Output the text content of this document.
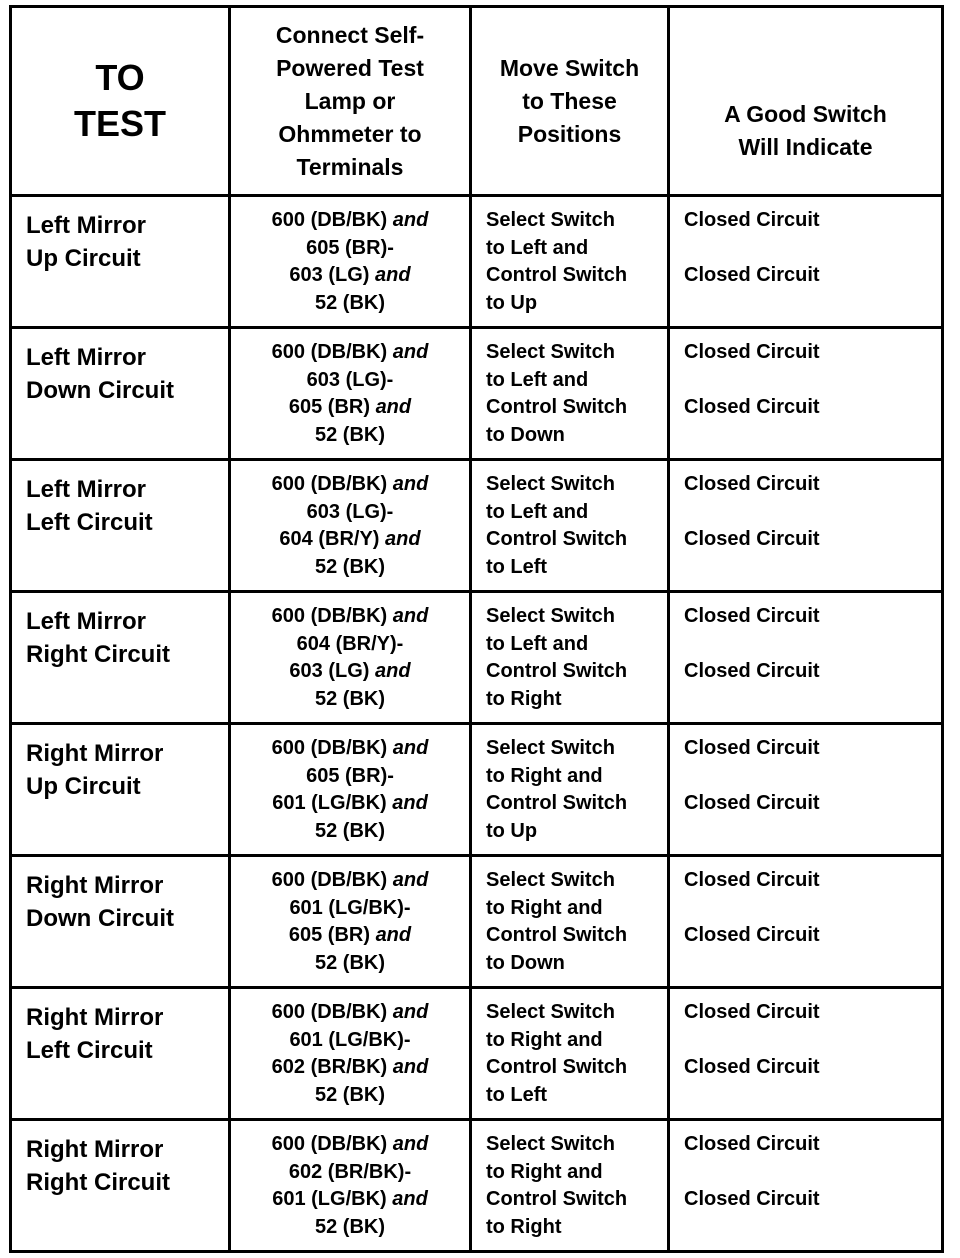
TO
TEST	Connect Self-
Powered Test
Lamp or
Ohmmeter to
Terminals	Move Switch
to These
Positions	A Good Switch
Will Indicate

Left Mirror
Up Circuit	600 (DB/BK) and
605 (BR)-
603 (LG) and
52 (BK)	Select Switch
to Left and
Control Switch
to Up	Closed Circuit
Closed Circuit

Left Mirror
Down Circuit	600 (DB/BK) and
603 (LG)-
605 (BR) and
52 (BK)	Select Switch
to Left and
Control Switch
to Down	Closed Circuit
Closed Circuit

Left Mirror
Left Circuit	600 (DB/BK) and
603 (LG)-
604 (BR/Y) and
52 (BK)	Select Switch
to Left and
Control Switch
to Left	Closed Circuit
Closed Circuit

Left Mirror
Right Circuit	600 (DB/BK) and
604 (BR/Y)-
603 (LG) and
52 (BK)	Select Switch
to Left and
Control Switch
to Right	Closed Circuit
Closed Circuit

Right Mirror
Up Circuit	600 (DB/BK) and
605 (BR)-
601 (LG/BK) and
52 (BK)	Select Switch
to Right and
Control Switch
to Up	Closed Circuit
Closed Circuit

Right Mirror
Down Circuit	600 (DB/BK) and
601 (LG/BK)-
605 (BR) and
52 (BK)	Select Switch
to Right and
Control Switch
to Down	Closed Circuit
Closed Circuit

Right Mirror
Left Circuit	600 (DB/BK) and
601 (LG/BK)-
602 (BR/BK) and
52 (BK)	Select Switch
to Right and
Control Switch
to Left	Closed Circuit
Closed Circuit

Right Mirror
Right Circuit	600 (DB/BK) and
602 (BR/BK)-
601 (LG/BK) and
52 (BK)	Select Switch
to Right and
Control Switch
to Right	Closed Circuit
Closed Circuit
